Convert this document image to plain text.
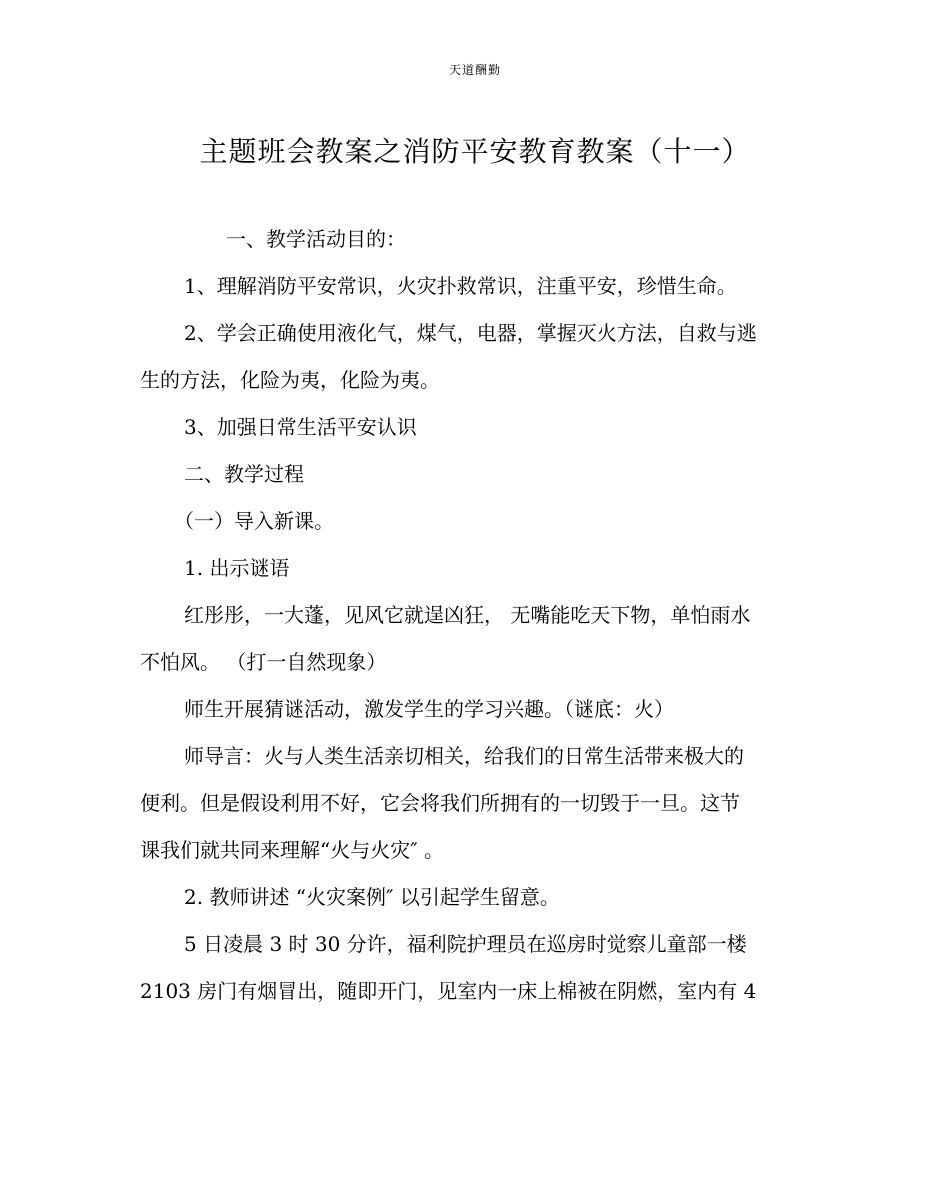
天道酬勤
主题班会教案之消防平安教育教案（十一）
一、教学活动目的：
1、理解消防平安常识，火灾扑救常识，注重平安，珍惜生命。
2、学会正确使用液化气，煤气，电器，掌握灭火方法，自救与逃
生的方法，化险为夷，化险为夷。
3、加强日常生活平安认识
二、教学过程
（一）导入新课。
1. 出示谜语
红彤彤，一大蓬，见风它就逞凶狂， 无嘴能吃天下物，单怕雨水
不怕风。 （打一自然现象）
师生开展猜谜活动，激发学生的学习兴趣。（谜底：火）
师导言：火与人类生活亲切相关，给我们的日常生活带来极大的
便利。但是假设利用不好，它会将我们所拥有的一切毁于一旦。这节
课我们就共同来理解“火与火灾″ 。
2. 教师讲述 “火灾案例″ 以引起学生留意。
5 日凌晨 3 时 30 分许，福利院护理员在巡房时觉察儿童部一楼
2103 房门有烟冒出，随即开门，见室内一床上棉被在阴燃，室内有 4
